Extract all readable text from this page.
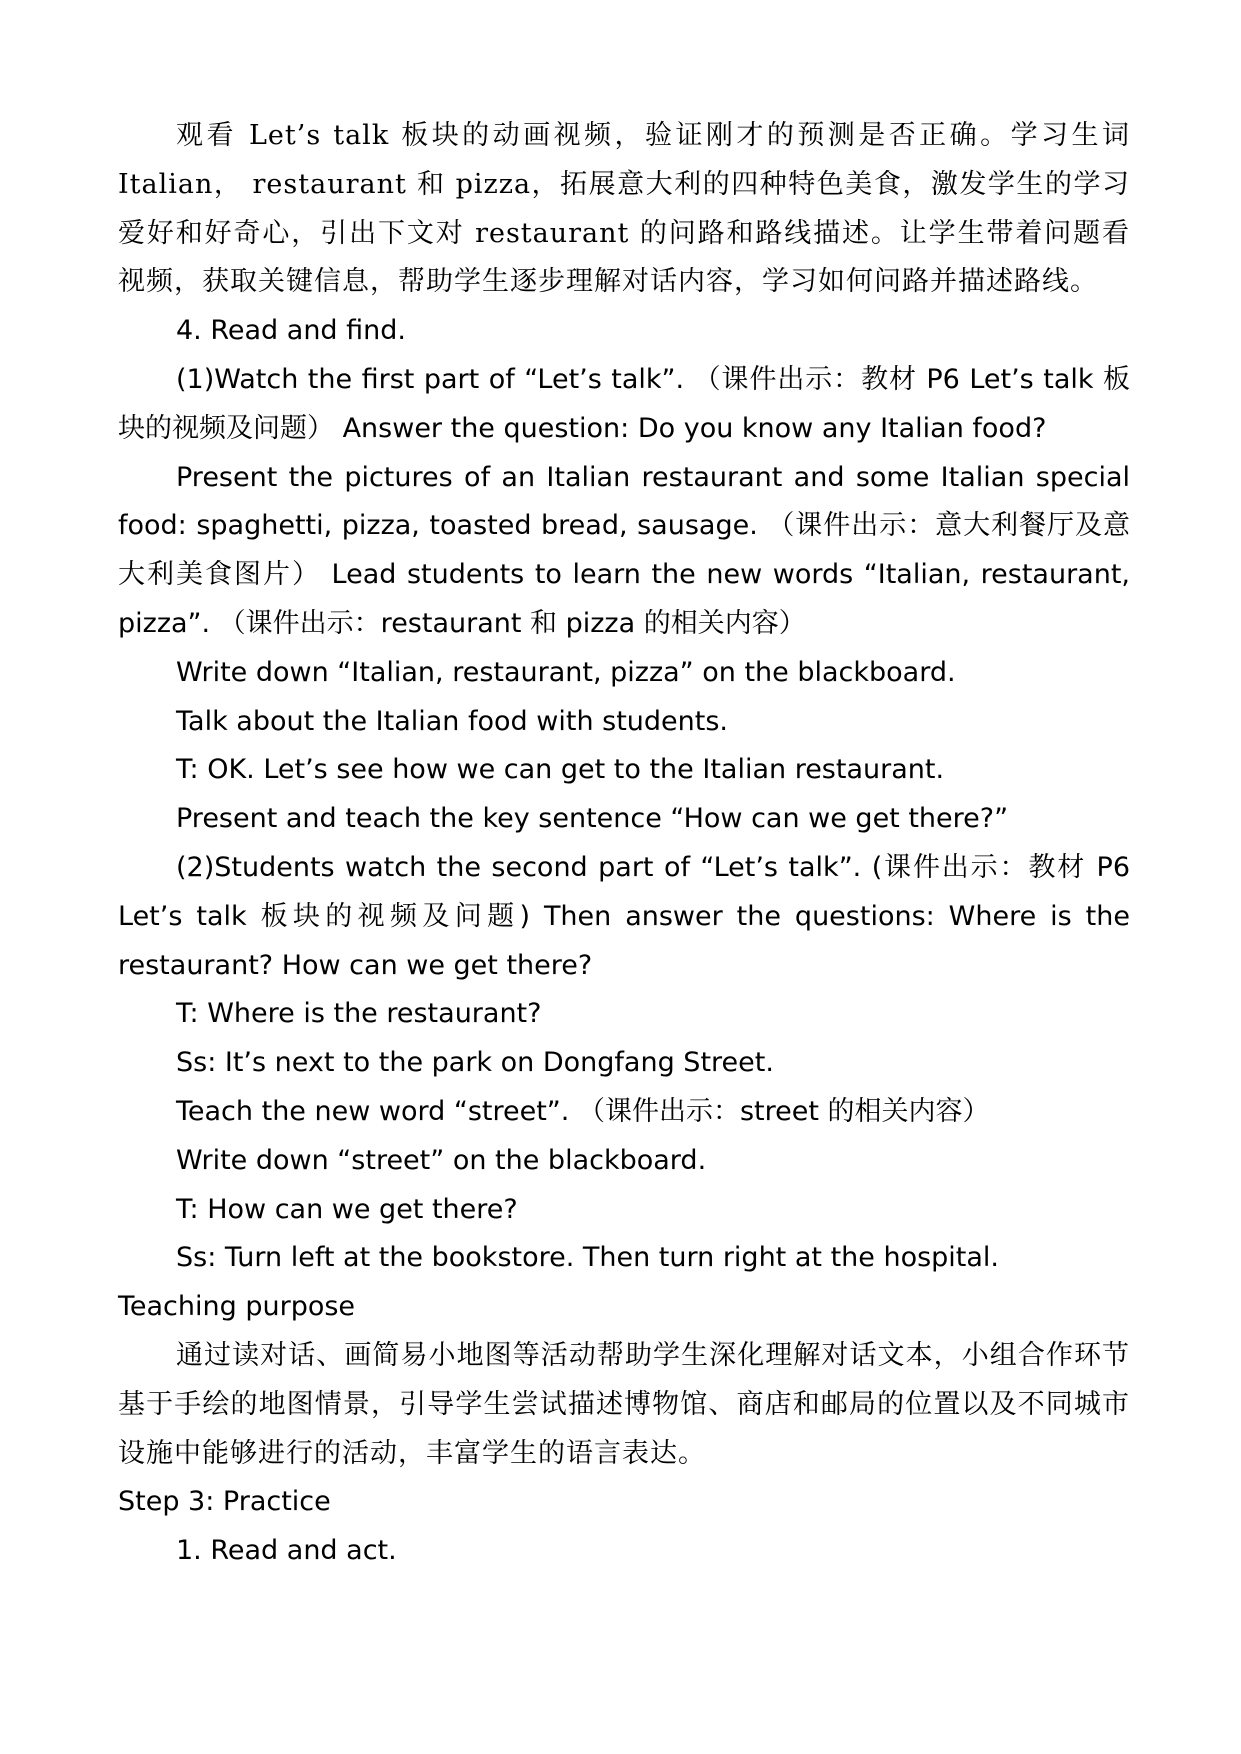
观看 Let’s talk 板块的动画视频，验证刚才的预测是否正确。学习生词 Italian， restaurant 和 pizza，拓展意大利的四种特色美食，激发学生的学习爱好和好奇心，引出下文对 restaurant 的问路和路线描述。让学生带着问题看视频，获取关键信息，帮助学生逐步理解对话内容，学习如何问路并描述路线。

4. Read and find.

(1)Watch the first part of “Let’s talk”. （课件出示：教材 P6 Let’s talk 板块的视频及问题） Answer the question: Do you know any Italian food?

Present the pictures of an Italian restaurant and some Italian special food: spaghetti, pizza, toasted bread, sausage. （课件出示：意大利餐厅及意大利美食图片） Lead students to learn the new words “Italian, restaurant, pizza”. （课件出示：restaurant 和 pizza 的相关内容）

Write down “Italian, restaurant, pizza” on the blackboard.

Talk about the Italian food with students.

T: OK. Let’s see how we can get to the Italian restaurant.

Present and teach the key sentence “How can we get there?”

(2)Students watch the second part of “Let’s talk”. (课件出示：教材 P6 Let’s talk 板块的视频及问题) Then answer the questions: Where is the restaurant? How can we get there?

T: Where is the restaurant?

Ss: It’s next to the park on Dongfang Street.

Teach the new word “street”. （课件出示：street 的相关内容）

Write down “street” on the blackboard.

T: How can we get there?

Ss: Turn left at the bookstore. Then turn right at the hospital.

Teaching purpose

通过读对话、画简易小地图等活动帮助学生深化理解对话文本，小组合作环节基于手绘的地图情景，引导学生尝试描述博物馆、商店和邮局的位置以及不同城市设施中能够进行的活动，丰富学生的语言表达。

Step 3: Practice

1. Read and act.
